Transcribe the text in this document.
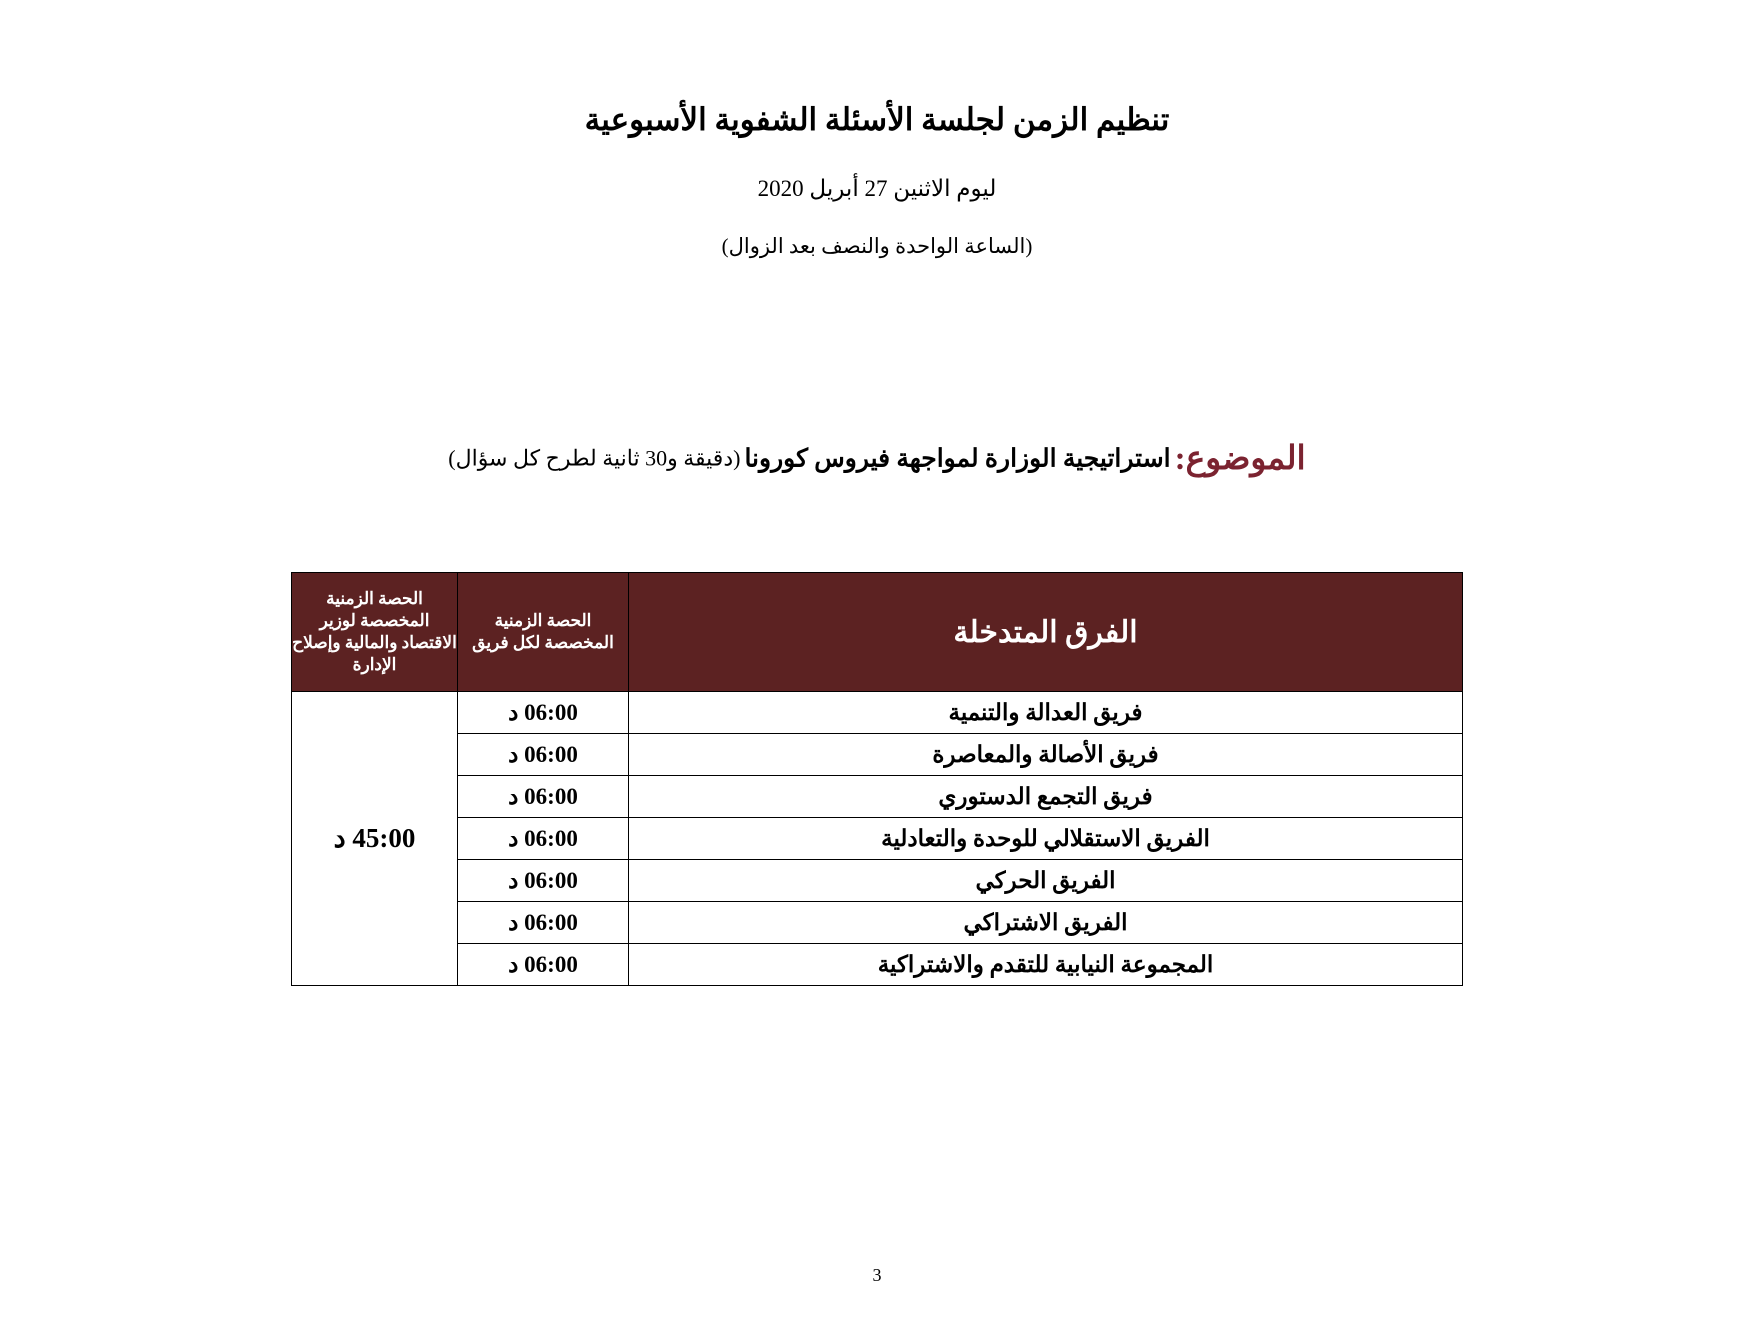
تنظيم الزمن لجلسة الأسئلة الشفوية الأسبوعية
ليوم الاثنين 27 أبريل 2020
(الساعة الواحدة والنصف بعد الزوال)
الموضوع: استراتيجية الوزارة لمواجهة فيروس كورونا (دقيقة و30 ثانية لطرح كل سؤال)
الفرق المتدخلة	الحصة الزمنية المخصصة لكل فريق	الحصة الزمنية المخصصة لوزير الاقتصاد والمالية وإصلاح الإدارة
فريق العدالة والتنمية	06:00 د	45:00 د
فريق الأصالة والمعاصرة	06:00 د	
فريق التجمع الدستوري	06:00 د	
الفريق الاستقلالي للوحدة والتعادلية	06:00 د	
الفريق الحركي	06:00 د	
الفريق الاشتراكي	06:00 د	
المجموعة النيابية للتقدم والاشتراكية	06:00 د	
3
